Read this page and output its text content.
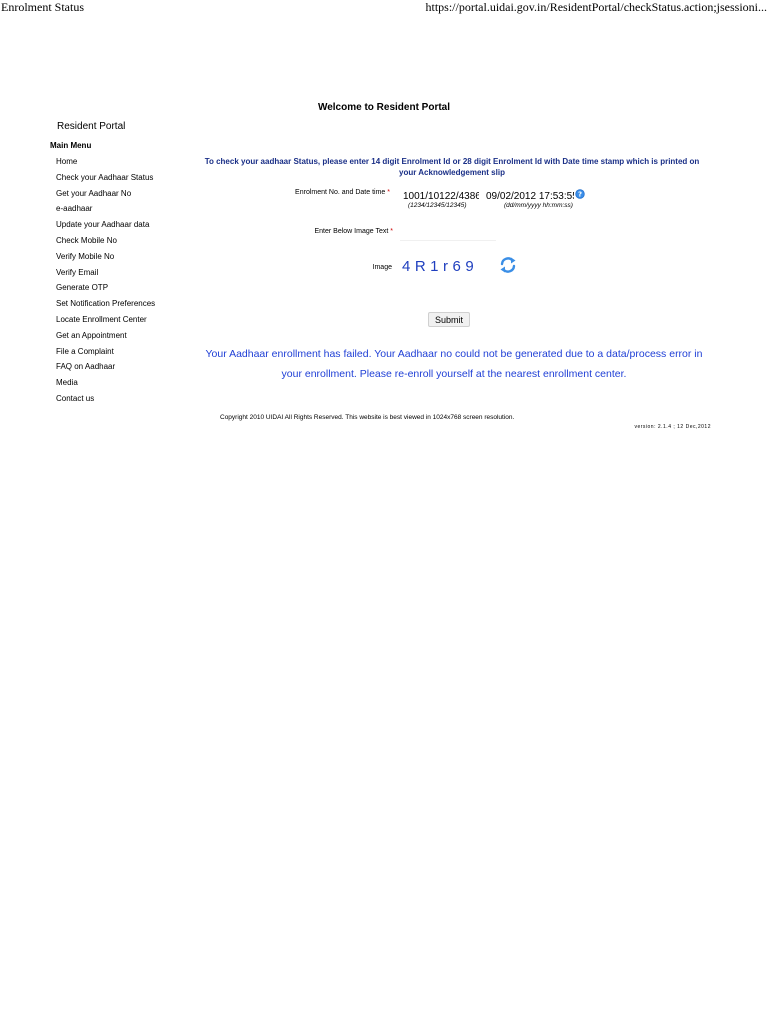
Enrolment Status	https://portal.uidai.gov.in/ResidentPortal/checkStatus.action;jsessioni...
Welcome to Resident Portal
Resident Portal
Main Menu
Home
Check your Aadhaar Status
Get your Aadhaar No
e-aadhaar
Update your Aadhaar data
Check Mobile No
Verify Mobile No
Verify Email
Generate OTP
Set Notification Preferences
Locate Enrollment Center
Get an Appointment
File a Complaint
FAQ on Aadhaar
Media
Contact us
To check your aadhaar Status, please enter 14 digit Enrolment Id or 28 digit Enrolment Id with Date time stamp which is printed on your Acknowledgement slip
Enrolment No. and Date time *
1001/10122/43865
(1234/12345/12345)
09/02/2012 17:53:55	(dd/mm/yyyy hh:mm:ss)
?
Enter Below Image Text *
Image 4R1r69
Submit
Your Aadhaar enrollment has failed. Your Aadhaar no could not be generated due to a data/process error in your enrollment. Please re-enroll yourself at the nearest enrollment center.
Copyright 2010 UIDAI All Rights Reserved. This website is best viewed in 1024x768 screen resolution.
version: 2.1.4 ; 12 Dec,2012
